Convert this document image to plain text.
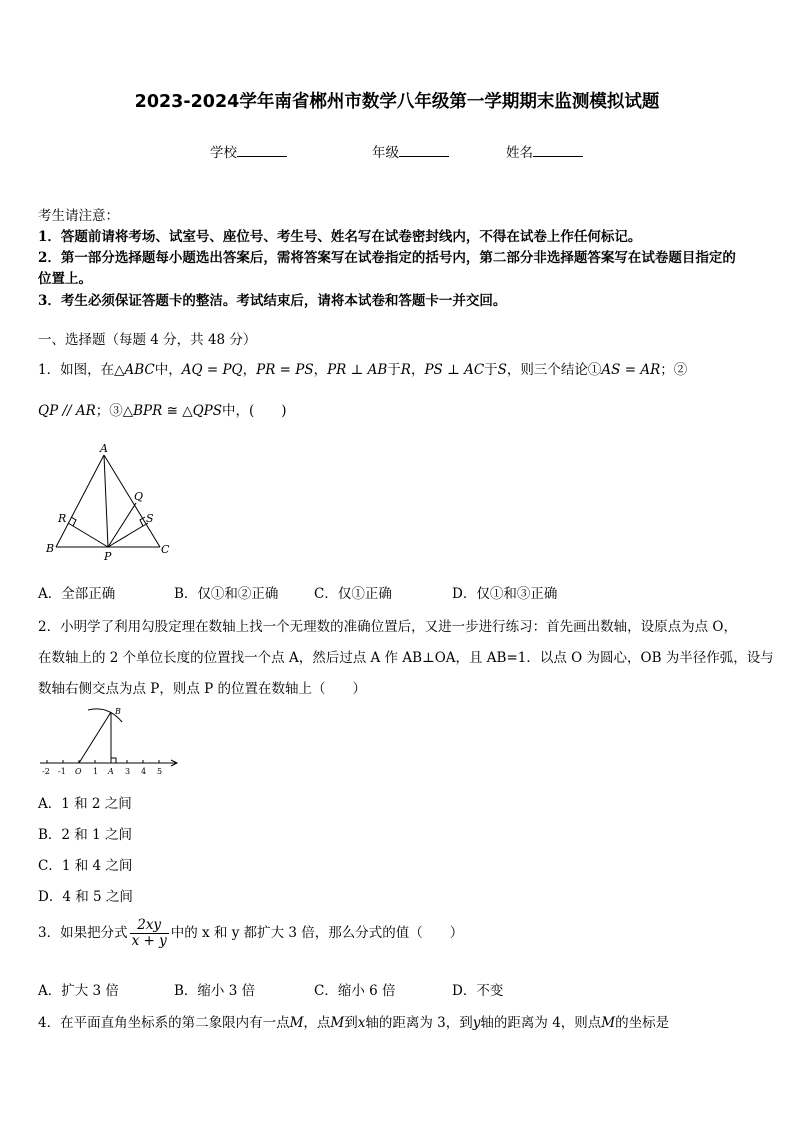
2023-2024学年南省郴州市数学八年级第一学期期末监测模拟试题
学校	年级	姓名
考生请注意：
1．答题前请将考场、试室号、座位号、考生号、姓名写在试卷密封线内，不得在试卷上作任何标记。
2．第一部分选择题每小题选出答案后，需将答案写在试卷指定的括号内，第二部分非选择题答案写在试卷题目指定的
位置上。
3．考生必须保证答题卡的整洁。考试结束后，请将本试卷和答题卡一并交回。
一、选择题（每题 4 分，共 48 分）
1．如图，在△ABC中，AQ = PQ，PR = PS，PR ⊥ AB于R，PS ⊥ AC于S，则三个结论①AS = AR；②
QP // AR；③△BPR ≅ △QPS中，(　　)
A
B	C
P
Q
R	S
A．全部正确	B．仅①和②正确	C．仅①正确	D．仅①和③正确
2．小明学了利用勾股定理在数轴上找一个无理数的准确位置后，又进一步进行练习：首先画出数轴，设原点为点 O，
在数轴上的 2 个单位长度的位置找一个点 A，然后过点 A 作 AB⊥OA，且 AB=1．以点 O 为圆心，OB 为半径作弧，设与
数轴右侧交点为点 P，则点 P 的位置在数轴上（　　）
-2 -1 O 1 A 3 4 5
B
A．1 和 2 之间
B．2 和 1 之间
C．1 和 4 之间
D．4 和 5 之间
3．如果把分式 $\frac{2xy}{x + y}$ 中的 x 和 y 都扩大 3 倍，那么分式的值（　　）
A．扩大 3 倍	B．缩小 3 倍	C．缩小 6 倍	D．不变
4．在平面直角坐标系的第二象限内有一点M，点M到x轴的距离为 3，到y轴的距离为 4，则点M的坐标是
